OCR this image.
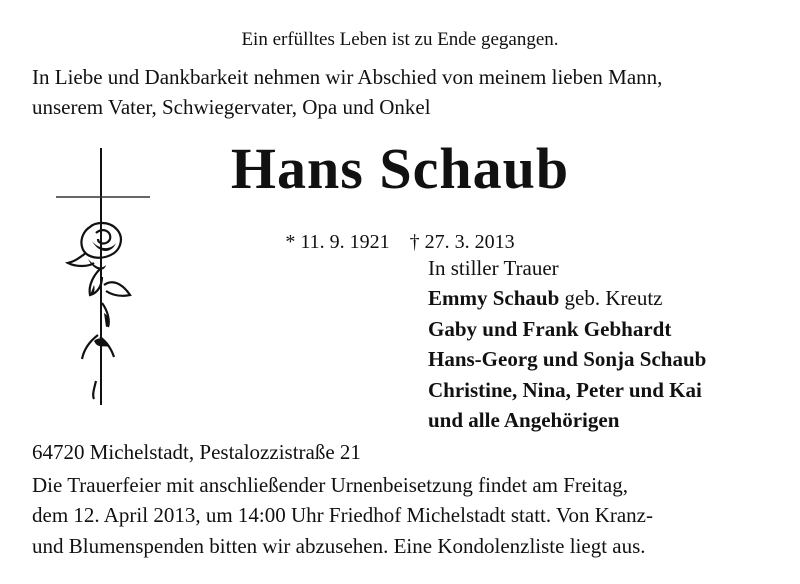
Ein erfülltes Leben ist zu Ende gegangen.
In Liebe und Dankbarkeit nehmen wir Abschied von meinem lieben Mann,
unserem Vater, Schwiegervater, Opa und Onkel
Hans Schaub
* 11. 9. 1921 † 27. 3. 2013
In stiller Trauer
Emmy Schaub geb. Kreutz
Gaby und Frank Gebhardt
Hans-Georg und Sonja Schaub
Christine, Nina, Peter und Kai
und alle Angehörigen
64720 Michelstadt, Pestalozzistraße 21
Die Trauerfeier mit anschließender Urnenbeisetzung findet am Freitag,
dem 12. April 2013, um 14:00 Uhr Friedhof Michelstadt statt. Von Kranz-
und Blumenspenden bitten wir abzusehen. Eine Kondolenzliste liegt aus.
